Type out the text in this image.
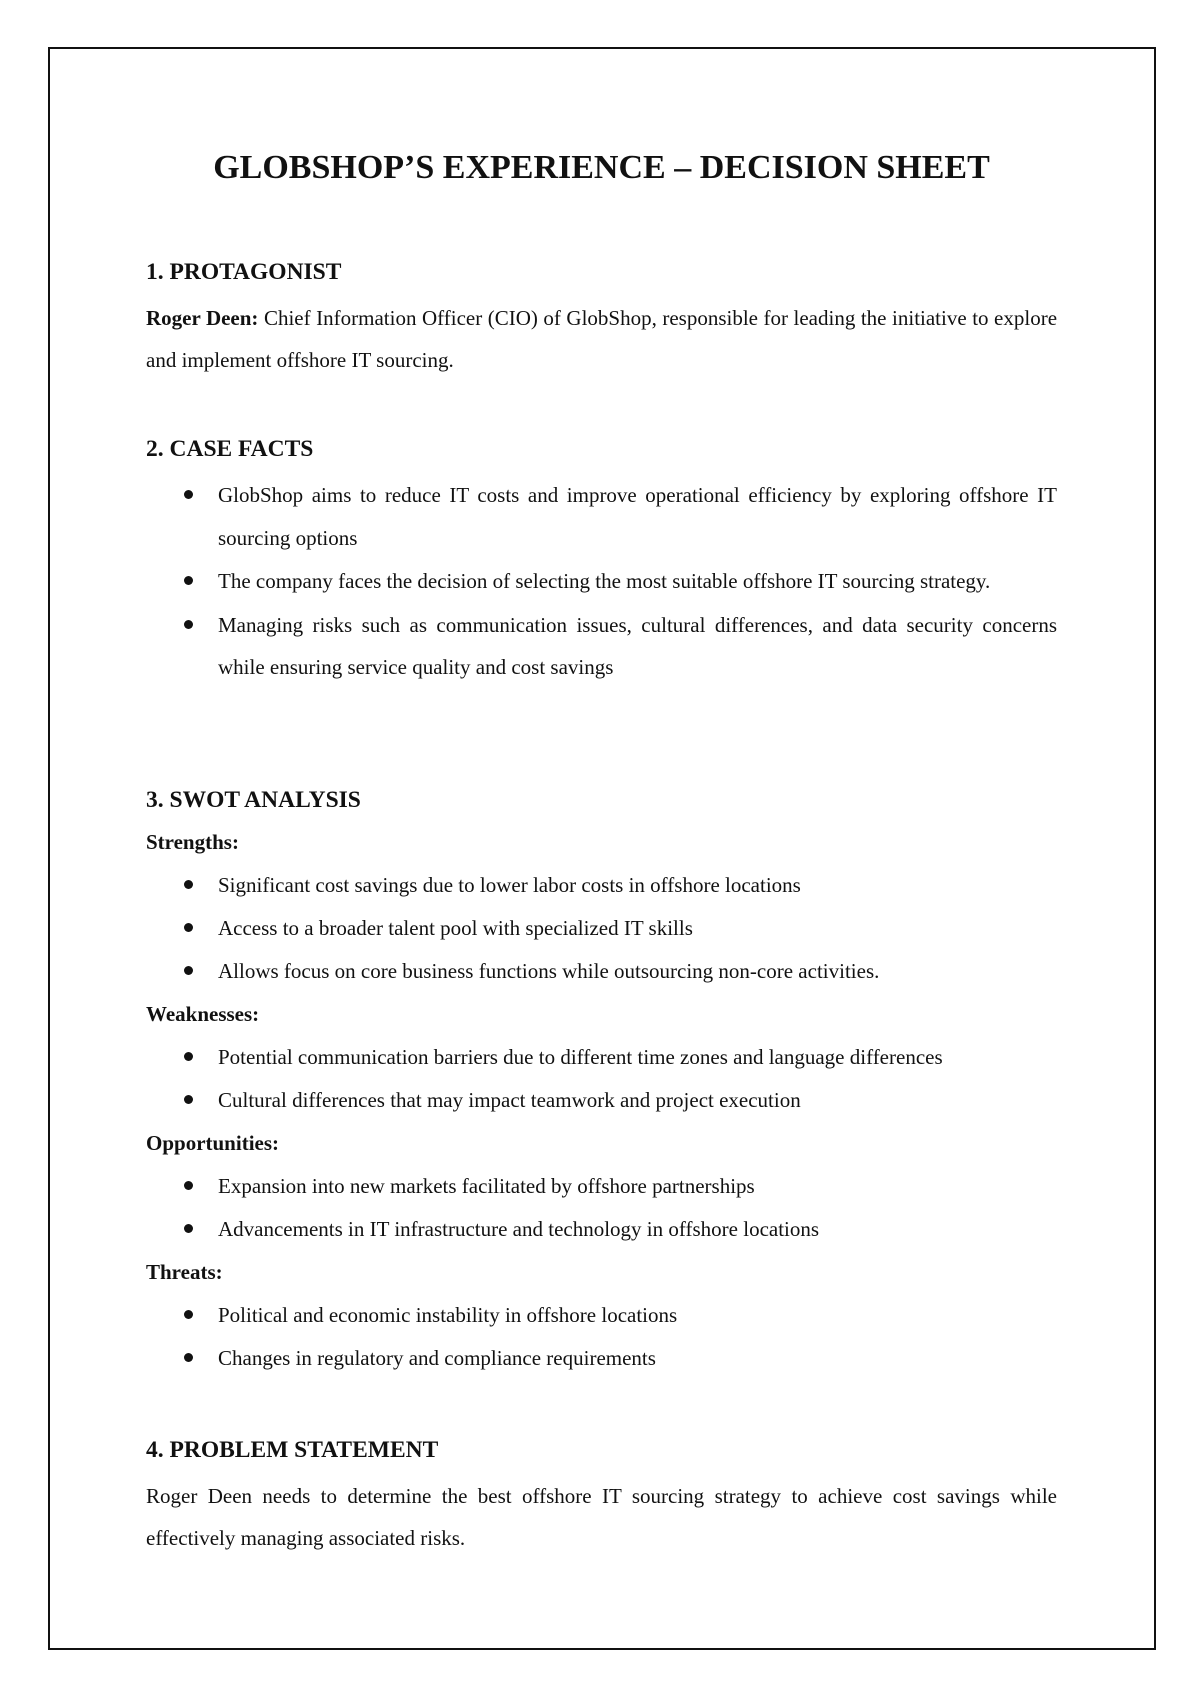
GLOBSHOP’S EXPERIENCE – DECISION SHEET
1. PROTAGONIST

Roger Deen: Chief Information Officer (CIO) of GlobShop, responsible for leading the initiative to explore and implement offshore IT sourcing.

2. CASE FACTS
GlobShop aims to reduce IT costs and improve operational efficiency by exploring offshore IT sourcing options
The company faces the decision of selecting the most suitable offshore IT sourcing strategy.
Managing risks such as communication issues, cultural differences, and data security concerns while ensuring service quality and cost savings
3. SWOT ANALYSIS

Strengths:

Significant cost savings due to lower labor costs in offshore locations
Access to a broader talent pool with specialized IT skills
Allows focus on core business functions while outsourcing non-core activities.

Weaknesses:

Potential communication barriers due to different time zones and language differences
Cultural differences that may impact teamwork and project execution

Opportunities:

Expansion into new markets facilitated by offshore partnerships
Advancements in IT infrastructure and technology in offshore locations

Threats:

Political and economic instability in offshore locations
Changes in regulatory and compliance requirements
4. PROBLEM STATEMENT

Roger Deen needs to determine the best offshore IT sourcing strategy to achieve cost savings while effectively managing associated risks.
